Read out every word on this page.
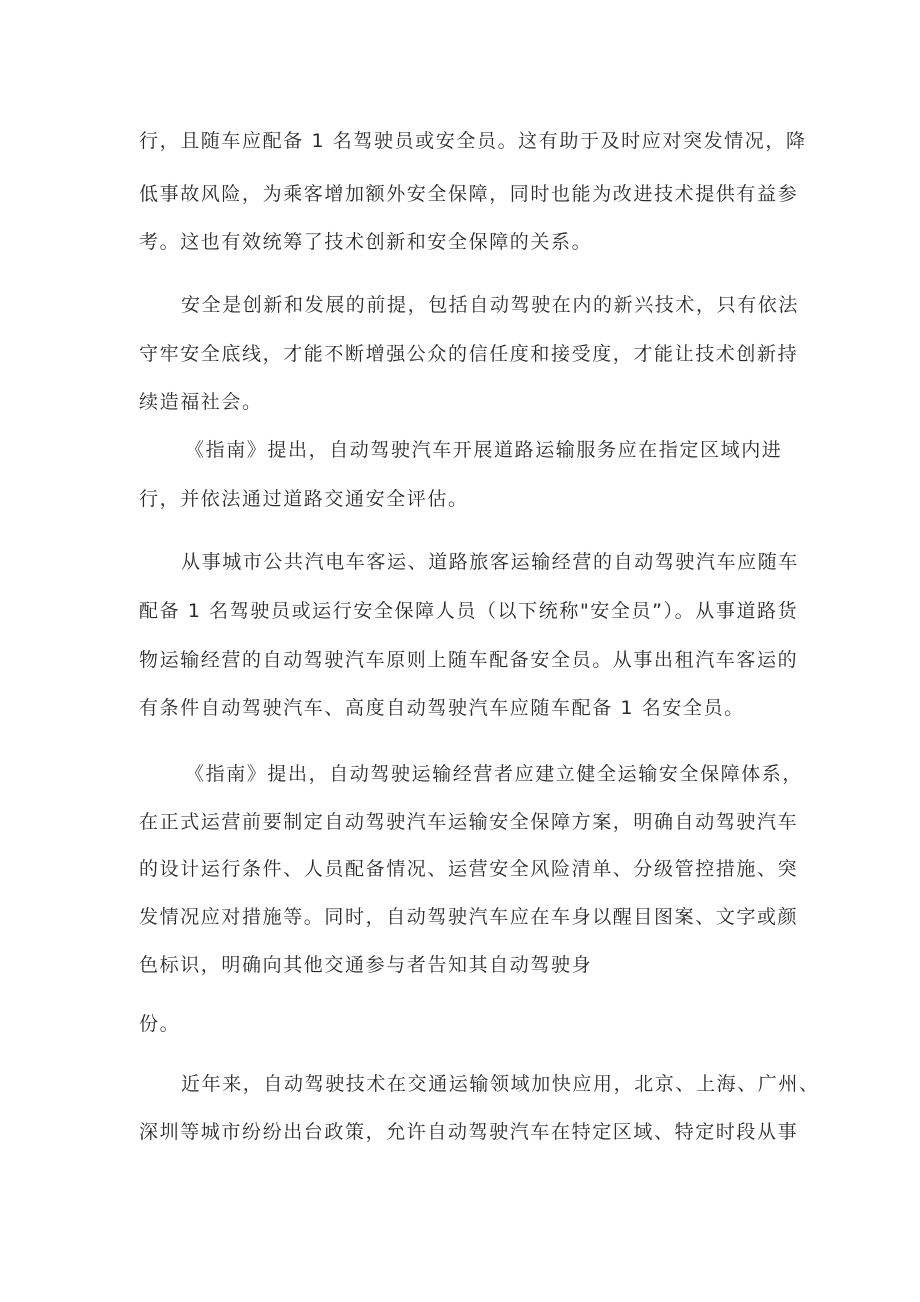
行，且随车应配备 1 名驾驶员或安全员。这有助于及时应对突发情况，降
低事故风险，为乘客增加额外安全保障，同时也能为改进技术提供有益参
考。这也有效统筹了技术创新和安全保障的关系。
安全是创新和发展的前提，包括自动驾驶在内的新兴技术，只有依法
守牢安全底线，才能不断增强公众的信任度和接受度，才能让技术创新持
续造福社会。
《指南》提出，自动驾驶汽车开展道路运输服务应在指定区域内进
行，并依法通过道路交通安全评估。
从事城市公共汽电车客运、道路旅客运输经营的自动驾驶汽车应随车
配备 1 名驾驶员或运行安全保障人员（以下统称"安全员”）。从事道路货
物运输经营的自动驾驶汽车原则上随车配备安全员。从事出租汽车客运的
有条件自动驾驶汽车、高度自动驾驶汽车应随车配备 1 名安全员。
《指南》提出，自动驾驶运输经营者应建立健全运输安全保障体系，
在正式运营前要制定自动驾驶汽车运输安全保障方案，明确自动驾驶汽车
的设计运行条件、人员配备情况、运营安全风险清单、分级管控措施、突
发情况应对措施等。同时，自动驾驶汽车应在车身以醒目图案、文字或颜
色标识，明确向其他交通参与者告知其自动驾驶身
份。
近年来，自动驾驶技术在交通运输领域加快应用，北京、上海、广州、
深圳等城市纷纷出台政策，允许自动驾驶汽车在特定区域、特定时段从事
